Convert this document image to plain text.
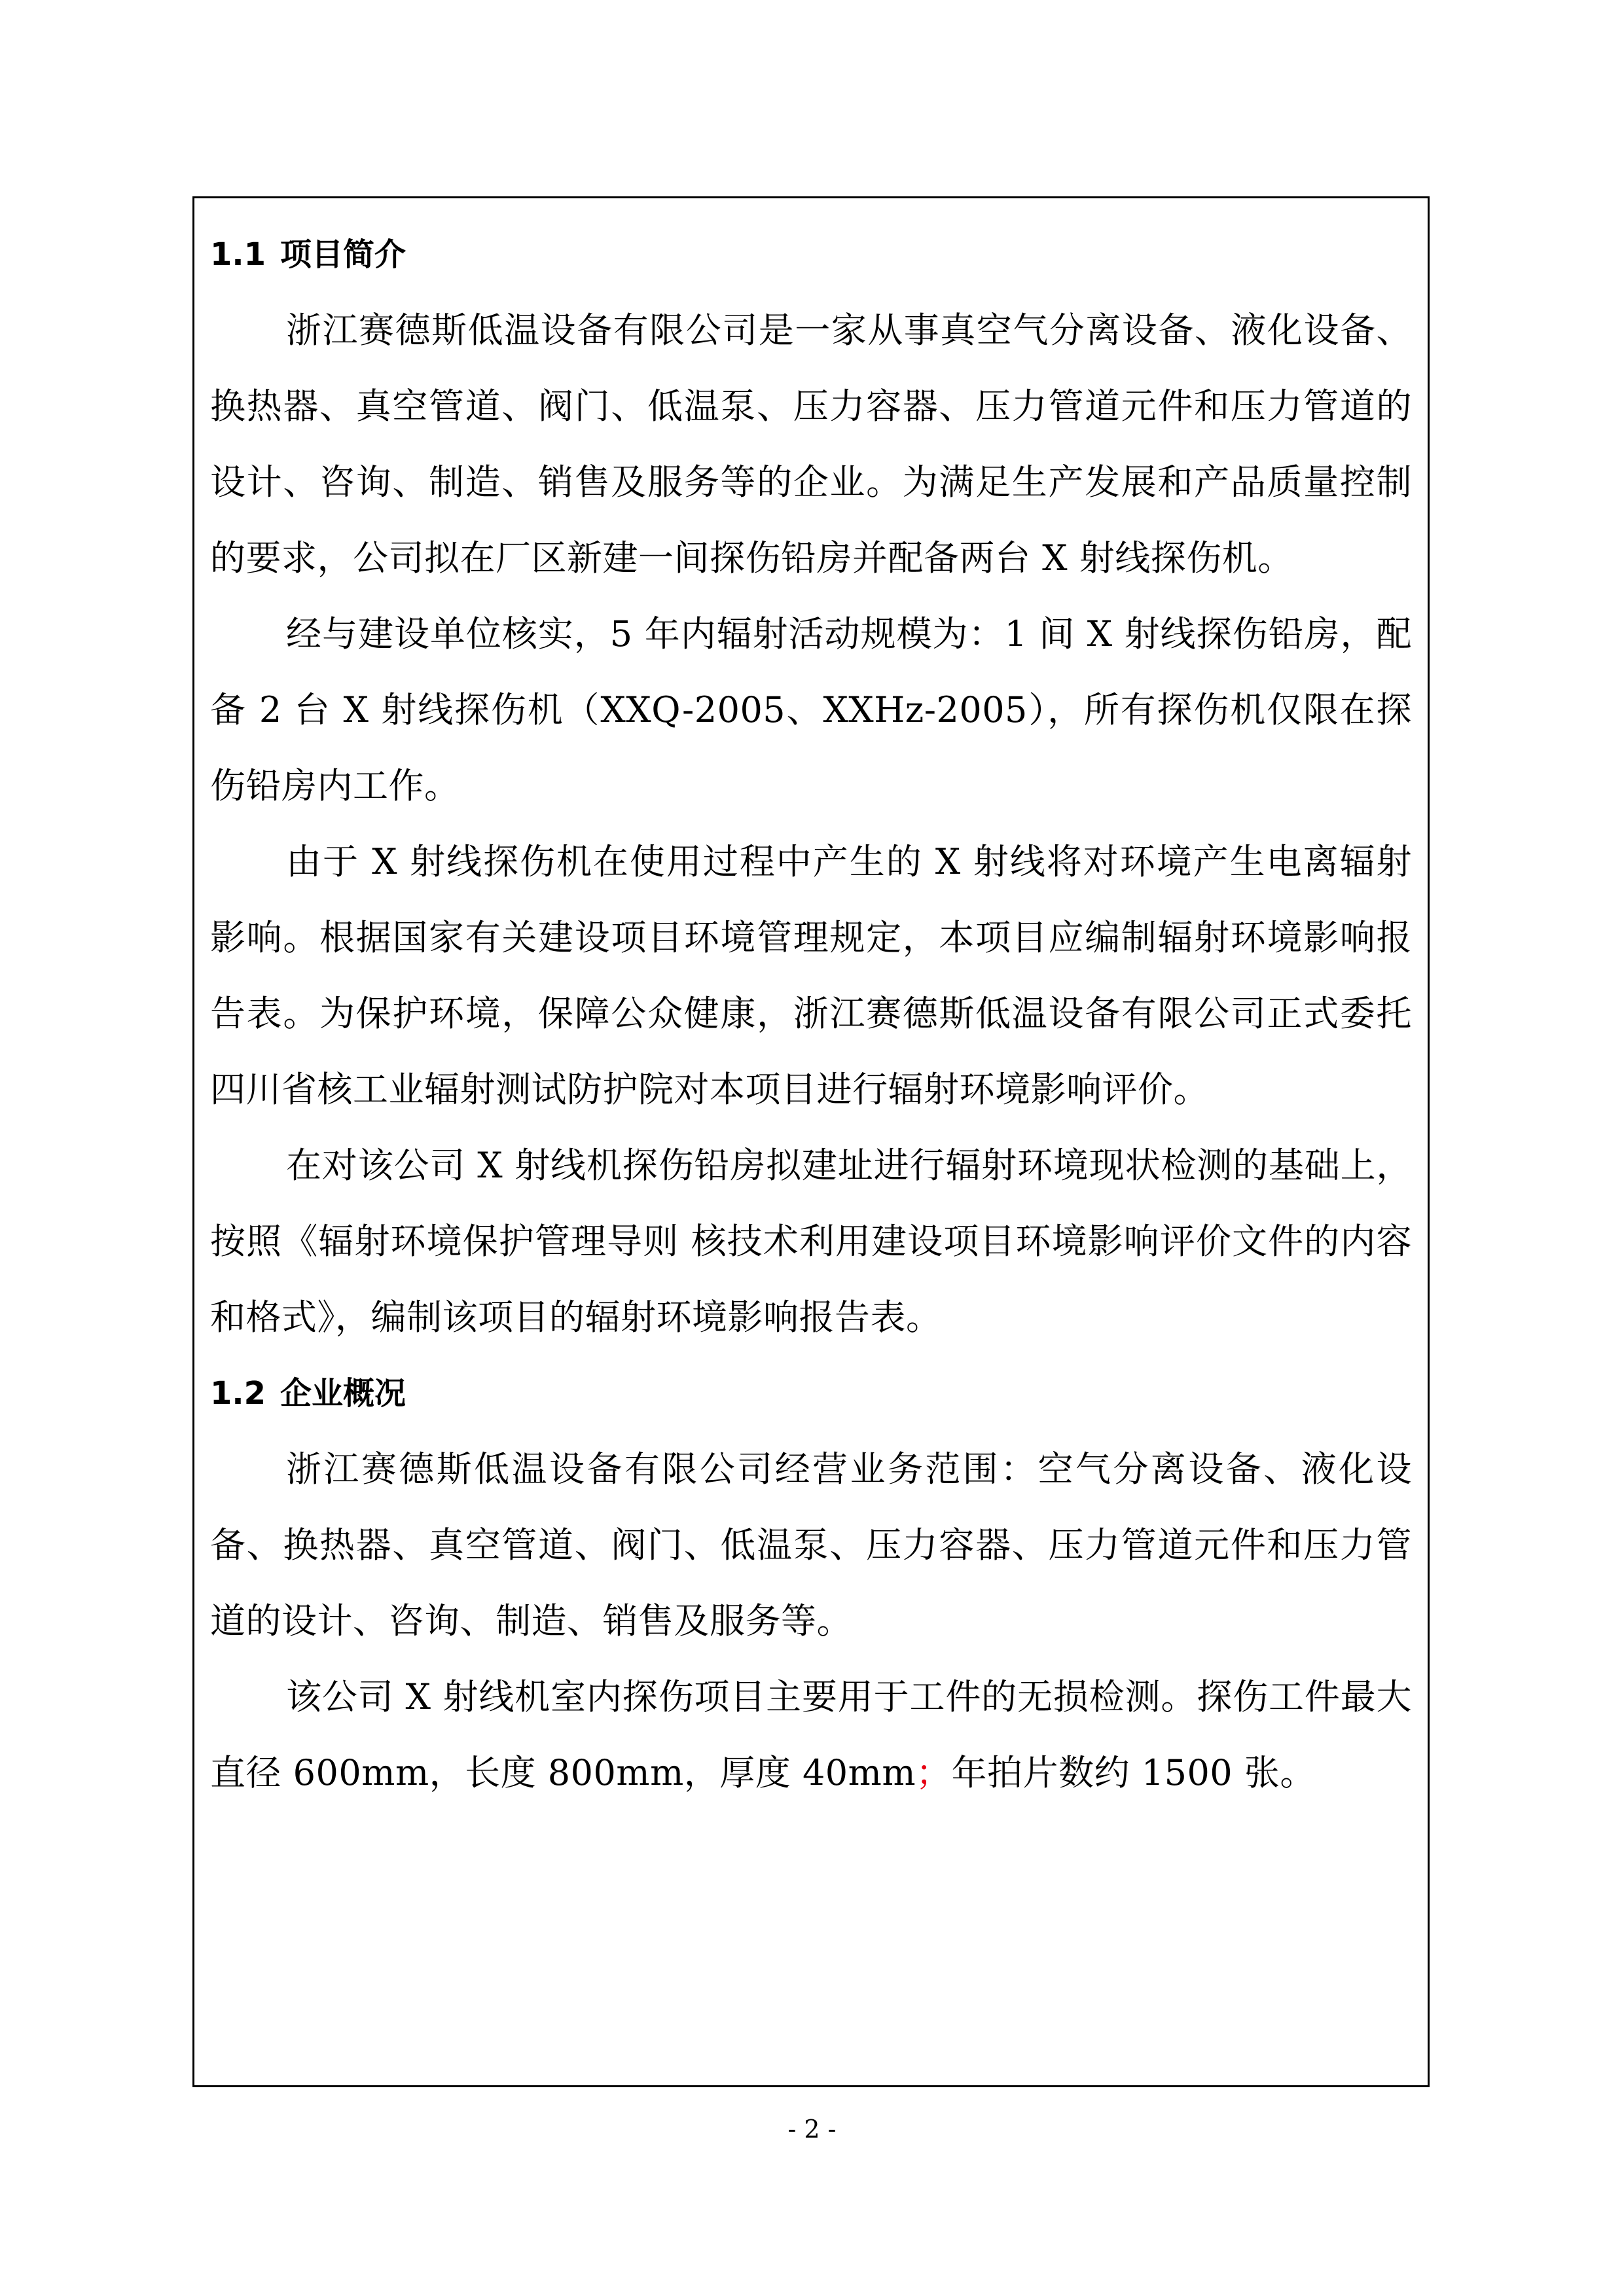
1.1 项目简介

浙江赛德斯低温设备有限公司是一家从事真空气分离设备、液化设备、换热器、真空管道、阀门、低温泵、压力容器、压力管道元件和压力管道的设计、咨询、制造、销售及服务等的企业。为满足生产发展和产品质量控制的要求，公司拟在厂区新建一间探伤铅房并配备两台 X 射线探伤机。

经与建设单位核实，5 年内辐射活动规模为：1 间 X 射线探伤铅房，配备 2 台 X 射线探伤机（XXQ-2005、XXHz-2005），所有探伤机仅限在探伤铅房内工作。

由于 X 射线探伤机在使用过程中产生的 X 射线将对环境产生电离辐射影响。根据国家有关建设项目环境管理规定，本项目应编制辐射环境影响报告表。为保护环境，保障公众健康，浙江赛德斯低温设备有限公司正式委托四川省核工业辐射测试防护院对本项目进行辐射环境影响评价。

在对该公司 X 射线机探伤铅房拟建址进行辐射环境现状检测的基础上，按照《辐射环境保护管理导则 核技术利用建设项目环境影响评价文件的内容和格式》，编制该项目的辐射环境影响报告表。

1.2 企业概况

浙江赛德斯低温设备有限公司经营业务范围：空气分离设备、液化设备、换热器、真空管道、阀门、低温泵、压力容器、压力管道元件和压力管道的设计、咨询、制造、销售及服务等。

该公司 X 射线机室内探伤项目主要用于工件的无损检测。探伤工件最大直径 600mm，长度 800mm，厚度 40mm；年拍片数约 1500 张。

- 2 -
